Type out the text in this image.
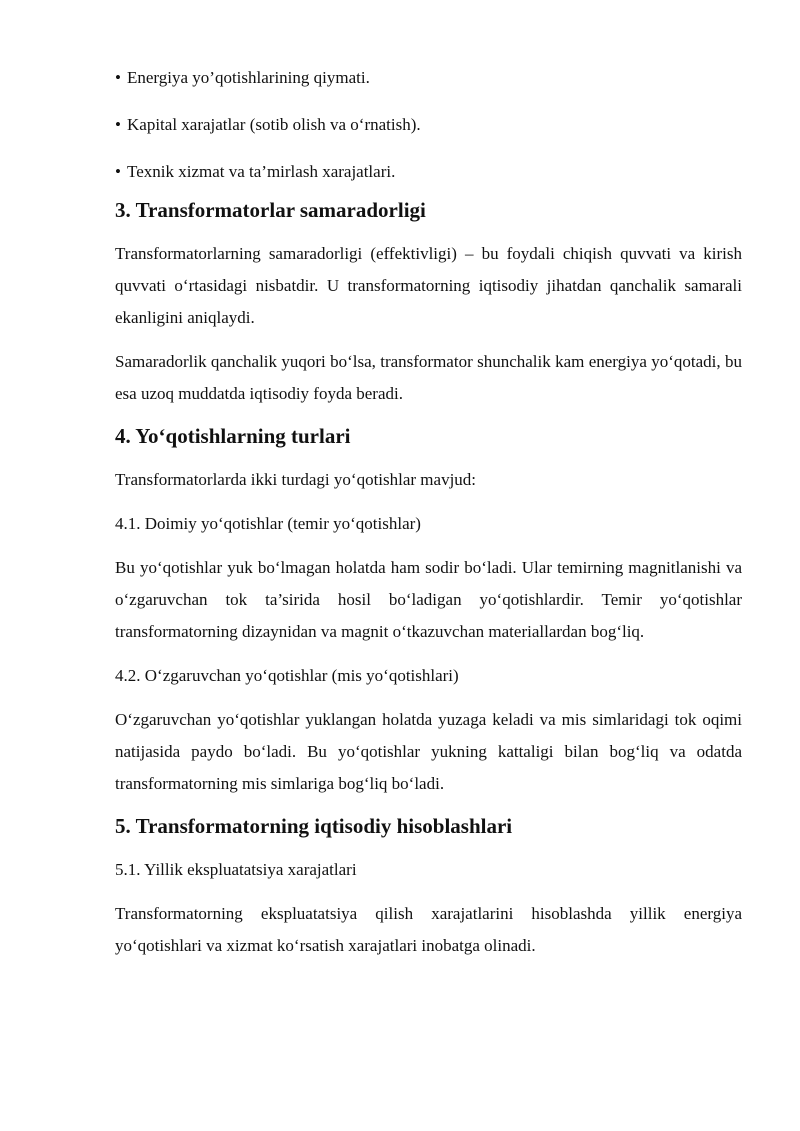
• Energiya yo’qotishlarining qiymati.
• Kapital xarajatlar (sotib olish va o‘rnatish).
• Texnik xizmat va ta’mirlash xarajatlari.
3. Transformatorlar samaradorligi

Transformatorlarning samaradorligi (effektivligi) – bu foydali chiqish quvvati va kirish quvvati o‘rtasidagi nisbatdir. U transformatorning iqtisodiy jihatdan qanchalik samarali ekanligini aniqlaydi.

Samaradorlik qanchalik yuqori bo‘lsa, transformator shunchalik kam energiya yo‘qotadi, bu esa uzoq muddatda iqtisodiy foyda beradi.

4. Yo‘qotishlarning turlari

Transformatorlarda ikki turdagi yo‘qotishlar mavjud:

4.1. Doimiy yo‘qotishlar (temir yo‘qotishlar)

Bu yo‘qotishlar yuk bo‘lmagan holatda ham sodir bo‘ladi. Ular temirning magnitlanishi va o‘zgaruvchan tok ta’sirida hosil bo‘ladigan yo‘qotishlardir. Temir yo‘qotishlar transformatorning dizaynidan va magnit o‘tkazuvchan materiallardan bog‘liq.

4.2. O‘zgaruvchan yo‘qotishlar (mis yo‘qotishlari)

O‘zgaruvchan yo‘qotishlar yuklangan holatda yuzaga keladi va mis simlaridagi tok oqimi natijasida paydo bo‘ladi. Bu yo‘qotishlar yukning kattaligi bilan bog‘liq va odatda transformatorning mis simlariga bog‘liq bo‘ladi.

5. Transformatorning iqtisodiy hisoblashlari

5.1. Yillik ekspluatatsiya xarajatlari

Transformatorning ekspluatatsiya qilish xarajatlarini hisoblashda yillik energiya yo‘qotishlari va xizmat ko‘rsatish xarajatlari inobatga olinadi.
